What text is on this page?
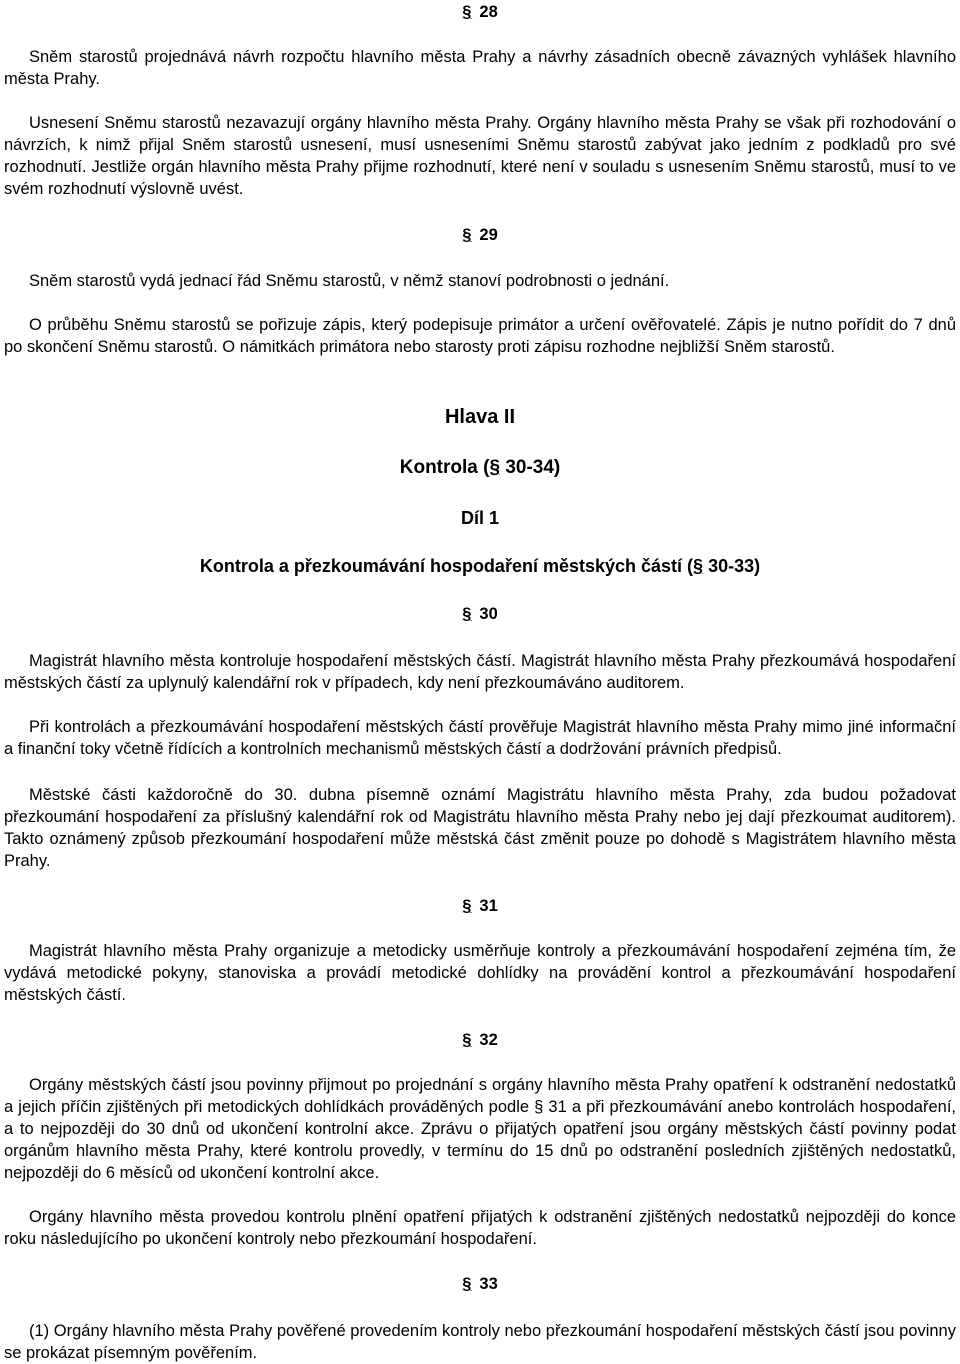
§ 28

Sněm starostů projednává návrh rozpočtu hlavního města Prahy a návrhy zásadních obecně závazných vyhlášek hlavního města Prahy.

Usnesení Sněmu starostů nezavazují orgány hlavního města Prahy. Orgány hlavního města Prahy se však při rozhodování o návrzích, k nimž přijal Sněm starostů usnesení, musí usneseními Sněmu starostů zabývat jako jedním z podkladů pro své rozhodnutí. Jestliže orgán hlavního města Prahy přijme rozhodnutí, které není v souladu s usnesením Sněmu starostů, musí to ve svém rozhodnutí výslovně uvést.

§ 29

Sněm starostů vydá jednací řád Sněmu starostů, v němž stanoví podrobnosti o jednání.

O průběhu Sněmu starostů se pořizuje zápis, který podepisuje primátor a určení ověřovatelé. Zápis je nutno pořídit do 7 dnů po skončení Sněmu starostů. O námitkách primátora nebo starosty proti zápisu rozhodne nejbližší Sněm starostů.

Hlava II
Kontrola (§ 30-34)
Díl 1
Kontrola a přezkoumávání hospodaření městských částí (§ 30-33)
§ 30

Magistrát hlavního města kontroluje hospodaření městských částí. Magistrát hlavního města Prahy přezkoumává hospodaření městských částí za uplynulý kalendářní rok v případech, kdy není přezkoumáváno auditorem.

Při kontrolách a přezkoumávání hospodaření městských částí prověřuje Magistrát hlavního města Prahy mimo jiné informační a finanční toky včetně řídících a kontrolních mechanismů městských částí a dodržování právních předpisů.

Městské části každoročně do 30. dubna písemně oznámí Magistrátu hlavního města Prahy, zda budou požadovat přezkoumání hospodaření za příslušný kalendářní rok od Magistrátu hlavního města Prahy nebo jej dají přezkoumat auditorem). Takto oznámený způsob přezkoumání hospodaření může městská část změnit pouze po dohodě s Magistrátem hlavního města Prahy.

§ 31

Magistrát hlavního města Prahy organizuje a metodicky usměrňuje kontroly a přezkoumávání hospodaření zejména tím, že vydává metodické pokyny, stanoviska a provádí metodické dohlídky na provádění kontrol a přezkoumávání hospodaření městských částí.

§ 32

Orgány městských částí jsou povinny přijmout po projednání s orgány hlavního města Prahy opatření k odstranění nedostatků a jejich příčin zjištěných při metodických dohlídkách prováděných podle § 31 a při přezkoumávání anebo kontrolách hospodaření, a to nejpozději do 30 dnů od ukončení kontrolní akce. Zprávu o přijatých opatření jsou orgány městských částí povinny podat orgánům hlavního města Prahy, které kontrolu provedly, v termínu do 15 dnů po odstranění posledních zjištěných nedostatků, nejpozději do 6 měsíců od ukončení kontrolní akce.

Orgány hlavního města provedou kontrolu plnění opatření přijatých k odstranění zjištěných nedostatků nejpozději do konce roku následujícího po ukončení kontroly nebo přezkoumání hospodaření.

§ 33

(1) Orgány hlavního města Prahy pověřené provedením kontroly nebo přezkoumání hospodaření městských částí jsou povinny se prokázat písemným pověřením.
